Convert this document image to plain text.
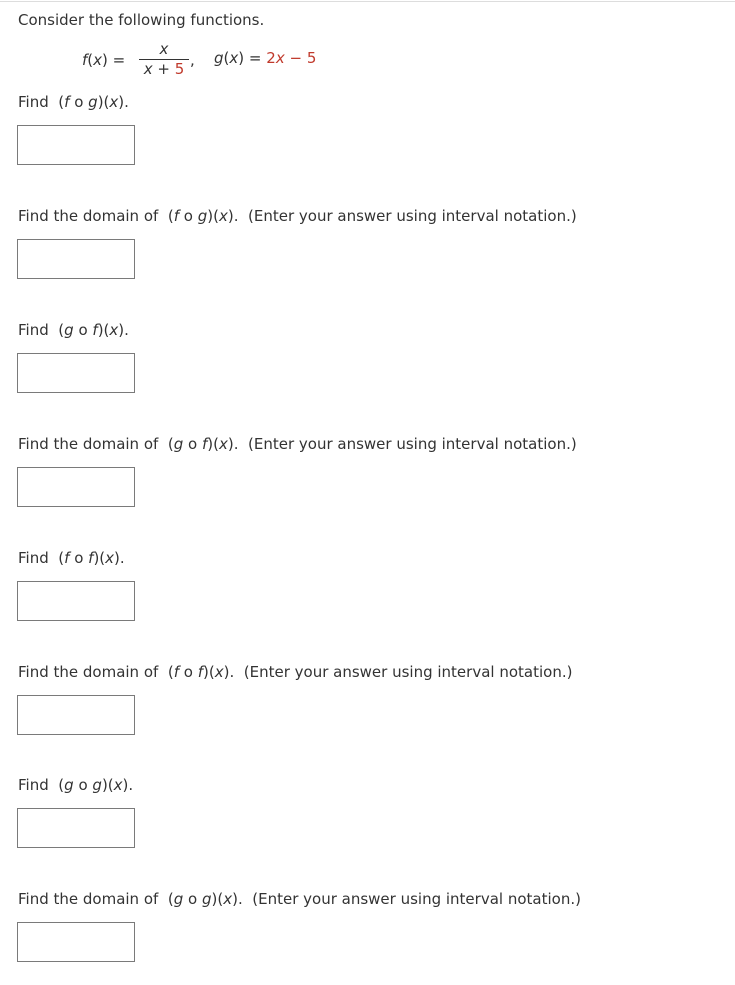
Consider the following functions.
f(x) =
x
x + 5 , g(x) = 2x − 5
Find  (f o g)(x).
Find the domain of  (f o g)(x).  (Enter your answer using interval notation.)
Find  (g o f)(x).
Find the domain of  (g o f)(x).  (Enter your answer using interval notation.)
Find  (f o f)(x).
Find the domain of  (f o f)(x).  (Enter your answer using interval notation.)
Find  (g o g)(x).
Find the domain of  (g o g)(x).  (Enter your answer using interval notation.)
